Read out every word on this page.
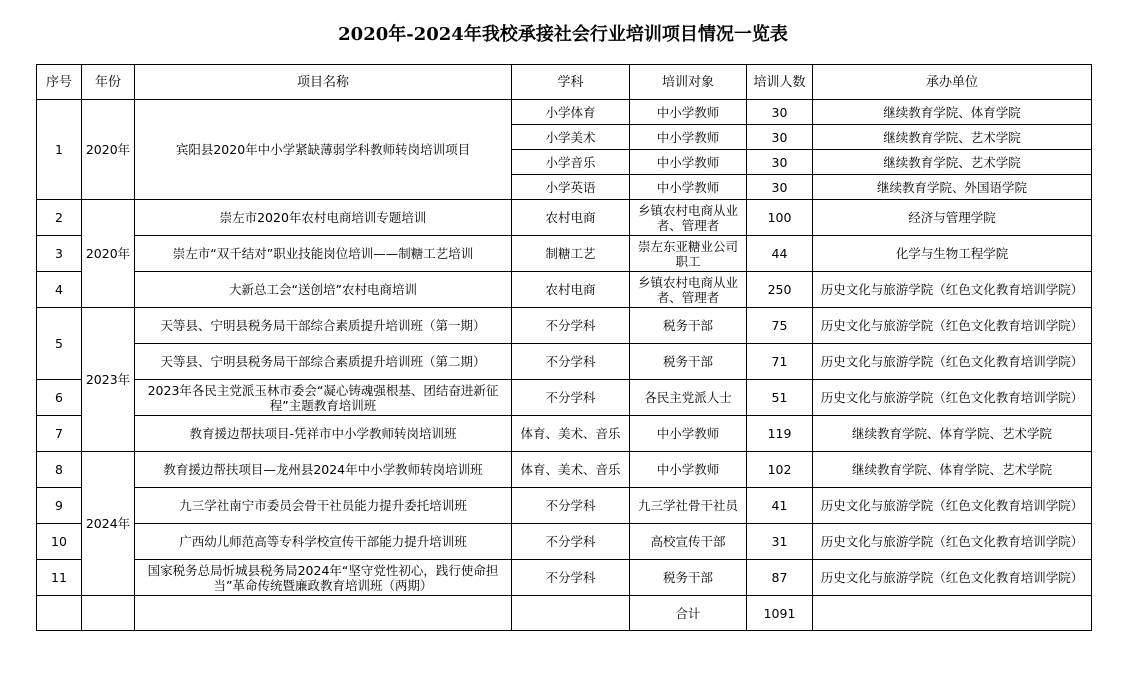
2020年-2024年我校承接社会行业培训项目情况一览表
序号	年份	项目名称	学科	培训对象	培训人数	承办单位
1	2020年	宾阳县2020年中小学紧缺薄弱学科教师转岗培训项目	小学体育	中小学教师	30	继续教育学院、体育学院
			小学美术	中小学教师	30	继续教育学院、艺术学院
			小学音乐	中小学教师	30	继续教育学院、艺术学院
			小学英语	中小学教师	30	继续教育学院、外国语学院
2	2020年	崇左市2020年农村电商培训专题培训	农村电商	乡镇农村电商从业者、管理者	100	经济与管理学院
3		崇左市“双千结对”职业技能岗位培训——制糖工艺培训	制糖工艺	崇左东亚糖业公司职工	44	化学与生物工程学院
4		大新总工会“送创培”农村电商培训	农村电商	乡镇农村电商从业者、管理者	250	历史文化与旅游学院（红色文化教育培训学院）
5	2023年	天等县、宁明县税务局干部综合素质提升培训班（第一期）	不分学科	税务干部	75	历史文化与旅游学院（红色文化教育培训学院）
		天等县、宁明县税务局干部综合素质提升培训班（第二期）	不分学科	税务干部	71	历史文化与旅游学院（红色文化教育培训学院）
6		2023年各民主党派玉林市委会“凝心铸魂强根基、团结奋进新征程”主题教育培训班	不分学科	各民主党派人士	51	历史文化与旅游学院（红色文化教育培训学院）
7		教育援边帮扶项目-凭祥市中小学教师转岗培训班	体育、美术、音乐	中小学教师	119	继续教育学院、体育学院、艺术学院
8	2024年	教育援边帮扶项目—龙州县2024年中小学教师转岗培训班	体育、美术、音乐	中小学教师	102	继续教育学院、体育学院、艺术学院
9		九三学社南宁市委员会骨干社员能力提升委托培训班	不分学科	九三学社骨干社员	41	历史文化与旅游学院（红色文化教育培训学院）
10		广西幼儿师范高等专科学校宣传干部能力提升培训班	不分学科	高校宣传干部	31	历史文化与旅游学院（红色文化教育培训学院）
11		国家税务总局忻城县税务局2024年“坚守党性初心，践行使命担当”革命传统暨廉政教育培训班（两期）	不分学科	税务干部	87	历史文化与旅游学院（红色文化教育培训学院）
				合计	1091	
